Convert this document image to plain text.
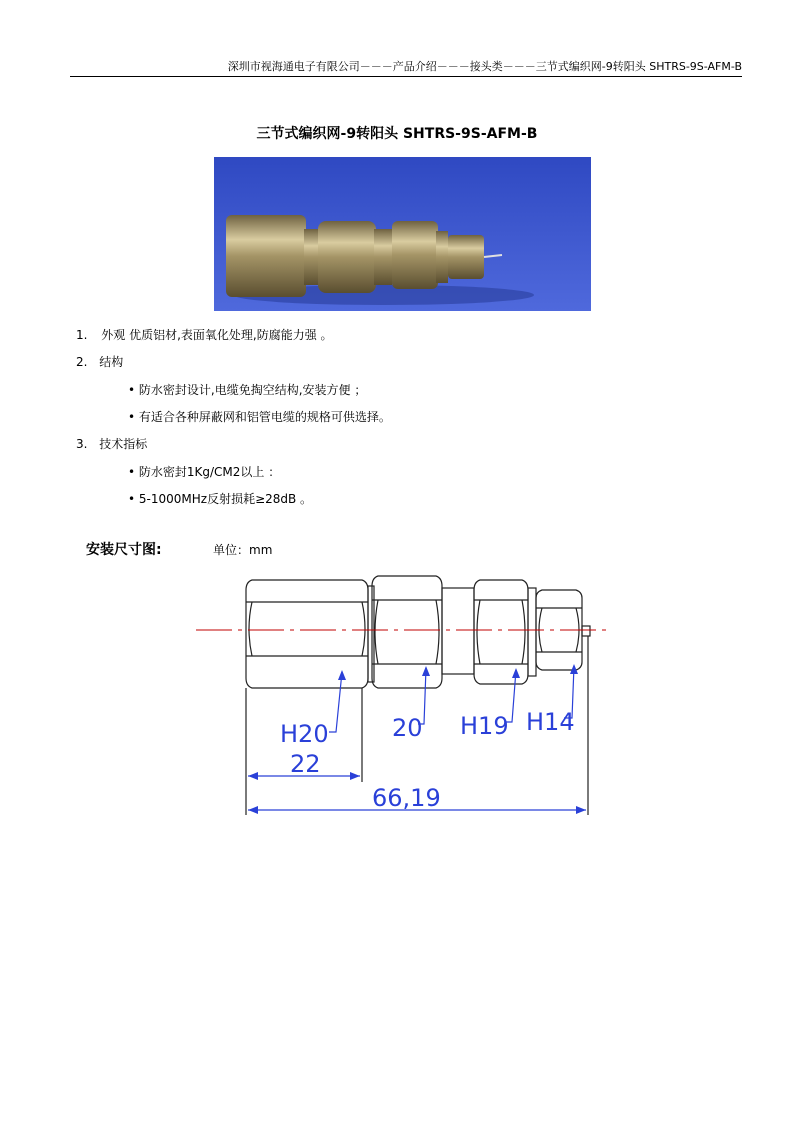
深圳市视海通电子有限公司－－－产品介绍－－－接头类－－－三节式编织网-9转阳头 SHTRS-9S-AFM-B
三节式编织网-9转阳头 SHTRS-9S-AFM-B
1. 外观 优质铝材,表面氧化处理,防腐能力强 。
2. 结构
• 防水密封设计,电缆免掏空结构,安装方便 ；
• 有适合各种屏蔽网和铝管电缆的规格可供选择。
3. 技术指标
• 防水密封1Kg/CM2以上 ：
• 5-1000MHz反射损耗≥28dB 。
安装尺寸图:	单位：mm
H20	20 H19 H14
22
66,19
